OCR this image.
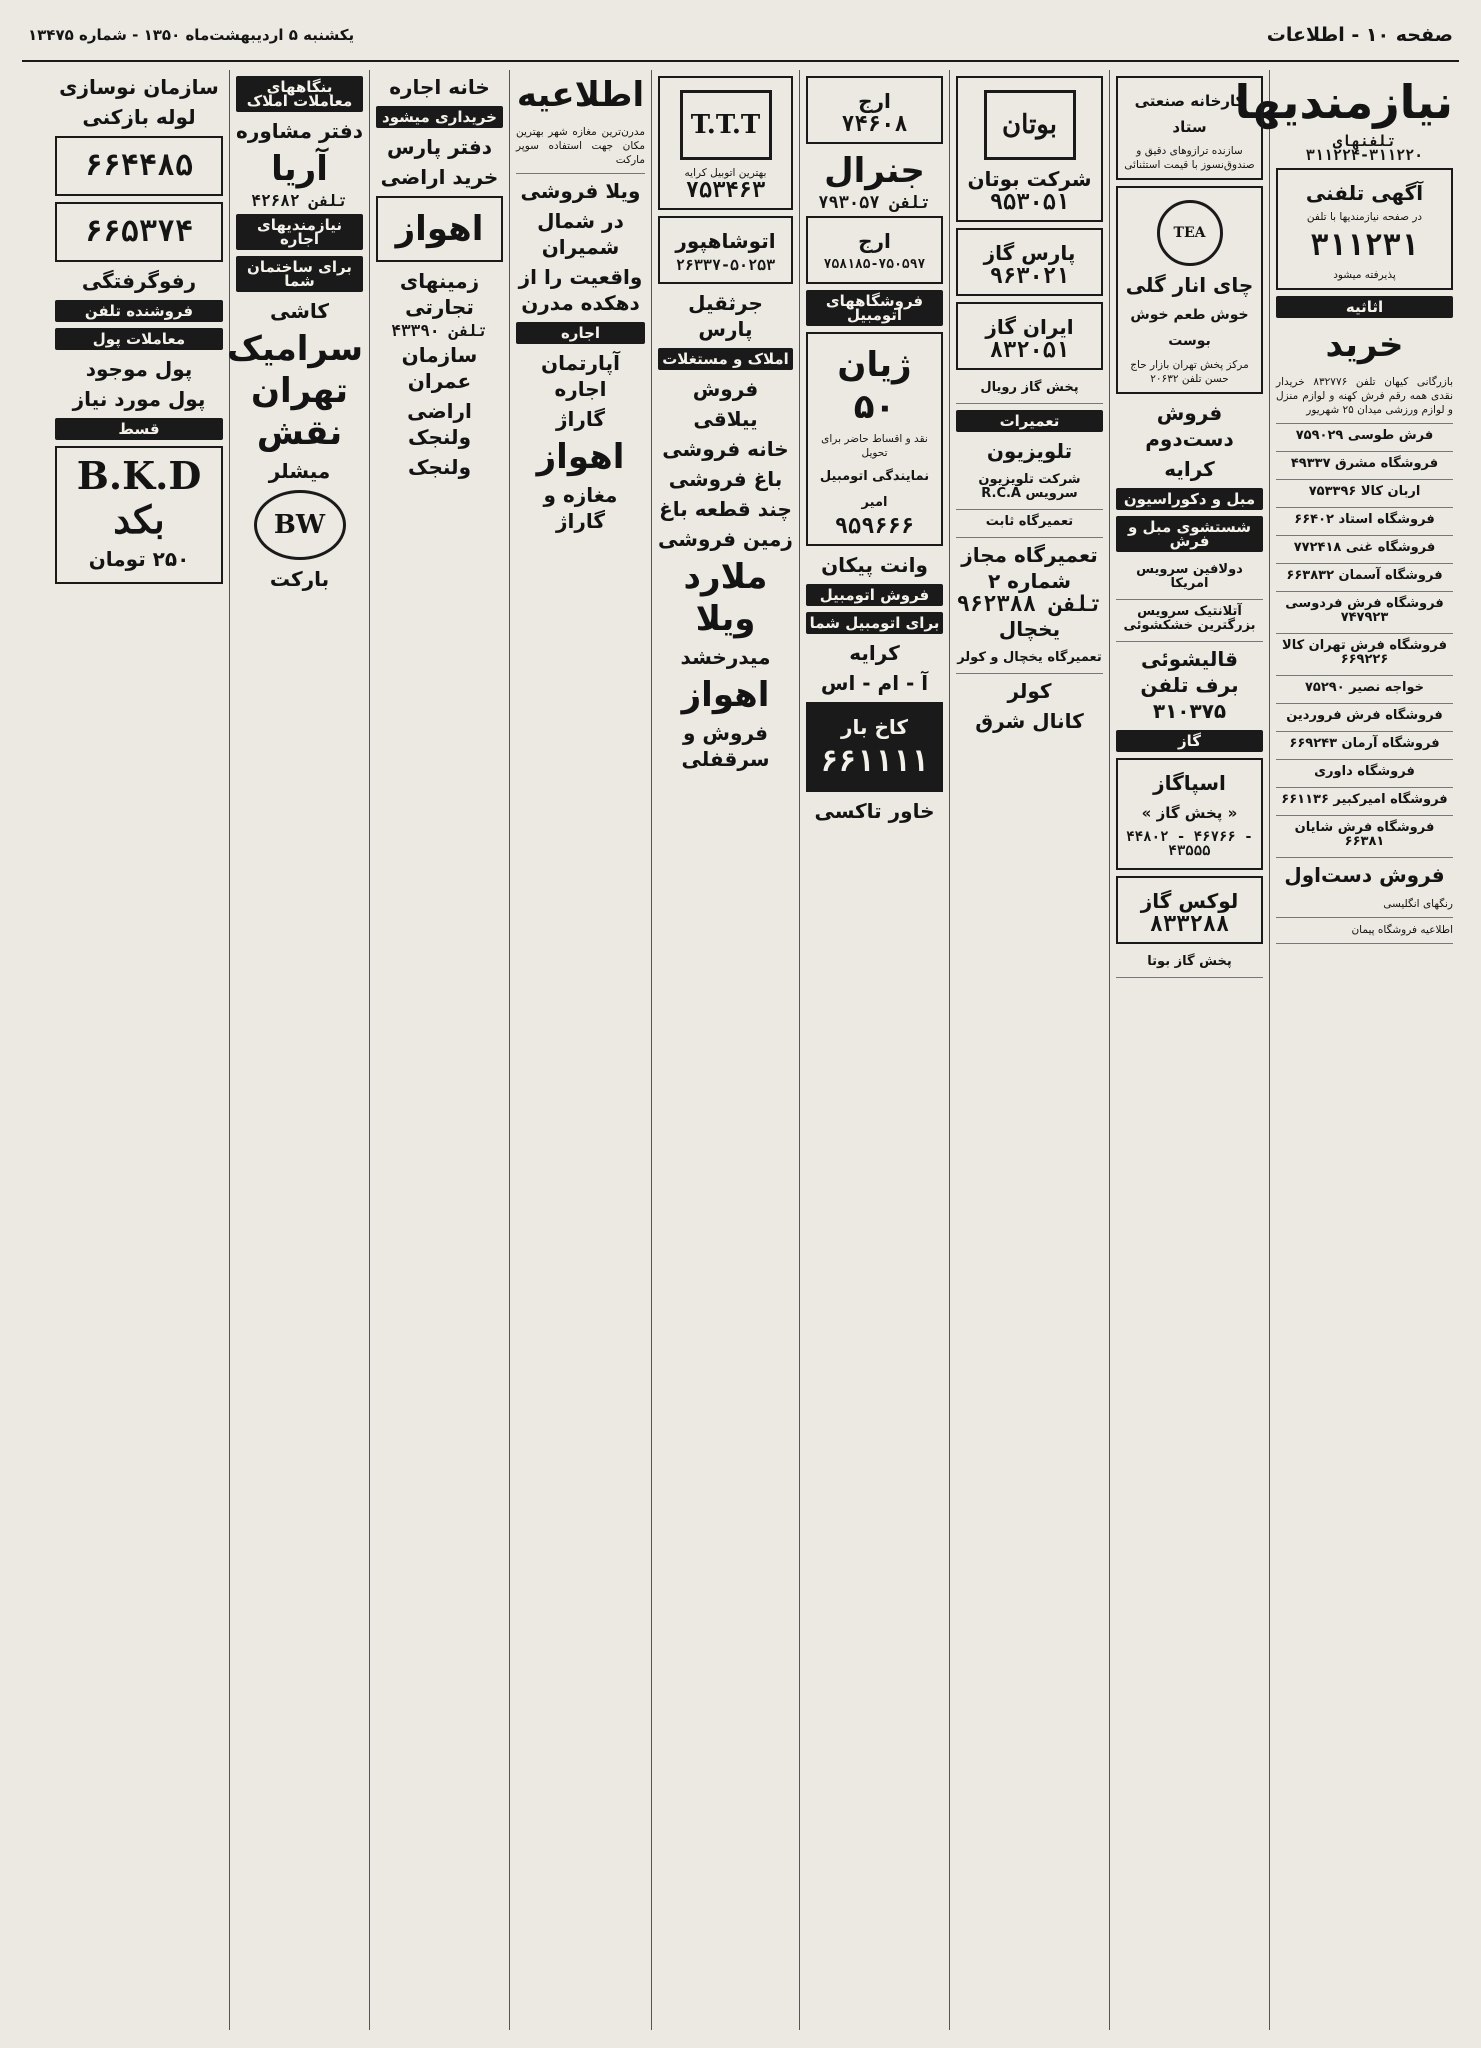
صفحه ۱۰ - اطلاعات
یکشنبه ۵ اردیبهشت‌ماه ۱۳۵۰ - شماره ۱۳۴۷۵
نیازمندیها
تلفنهای ۳۱۱۲۲۰-۳۱۱۲۲۴
آگهی تلفنی
در صفحه نیازمندیها با تلفن
۳۱۱۲۳۱
پذیرفته میشود
اثاثیه
خرید
بازرگانی کیهان تلفن ۸۳۲۷۷۶ خریدار نقدی همه رقم فرش کهنه و لوازم منزل و لوازم ورزشی میدان ۲۵ شهریور
فرش طوسی ۷۵۹۰۲۹
فروشگاه مشرق ۴۹۳۳۷
اربان کالا ۷۵۳۳۹۶
فروشگاه استاد ۶۶۴۰۲
فروشگاه غنی ۷۷۲۴۱۸
فروشگاه آسمان ۶۶۳۸۳۲
فروشگاه فرش فردوسی ۷۴۷۹۲۳
فروشگاه فرش تهران کالا ۶۶۹۲۲۶
خواجه نصیر ۷۵۲۹۰
فروشگاه فرش فروردین
فروشگاه آرمان ۶۶۹۲۴۳
فروشگاه داوری
فروشگاه امیرکبیر ۶۶۱۱۳۶
فروشگاه فرش شایان ۶۶۳۸۱
فروش دست‌اول
رنگهای انگلیسی
اطلاعیه فروشگاه پیمان
کارخانه صنعتی ستاد
سازنده ترازوهای دقیق و صندوق‌نسوز با قیمت استثنائی
TEA
چای انار گلی
خوش طعم خوش بوست
مرکز پخش تهران بازار حاج حسن تلفن ۲۰۶۳۲
فروش دست‌دوم
کرایه
مبل و دکوراسیون
شستشوی مبل و فرش
دولافین سرویس امریکا
آتلانتیک سرویس بزرگترین خشکشوئی
قالیشوئی برف تلفن ۳۱۰۳۷۵
گاز
اسپاگاز
« پخش گاز »
۴۴۸۰۲ - ۴۶۷۶۶ - ۴۳۵۵۵
لوکس گاز
۸۳۳۲۸۸
پخش گاز بوتا
بوتان
شرکت بوتان
۹۵۳۰۵۱
پارس گاز
۹۶۳۰۲۱
ایران گاز
۸۳۲۰۵۱
پخش گاز رویال
تعمیرات
تلویزیون
شرکت تلویزیون سرویس R.C.A
تعمیرگاه ثابت
تعمیرگاه مجاز شماره ۲
تلفن ۹۶۲۳۸۸
یخچال
تعمیرگاه یخچال و کولر
کولر
کانال شرق
ارج
۷۴۶۰۸
جنرال
تلفن ۷۹۳۰۵۷
ارج
۷۵۸۱۸۵-۷۵۰۵۹۷
فروشگاههای اتومبیل
ژیان ۵۰
نقد و اقساط حاضر برای تحویل
نمایندگی اتومبیل امیر
۹۵۹۶۶۶
وانت پیکان
فروش اتومبیل
برای اتومبیل شما
کرایه
آ - ام - اس
کاخ بار
۶۶۱۱۱۱
خاور تاکسی
T.T.T
بهترین اتوبیل کرایه
۷۵۳۴۶۳
اتوشاهپور
۲۶۳۳۷-۵۰۲۵۳
جرثقیل پارس
املاک و مستغلات
فروش
ییلاقی
خانه فروشی
باغ فروشی
چند قطعه باغ
زمین فروشی
ملارد ویلا
میدرخشد
اهواز
فروش و سرقفلی
اطلاعیه
مدرن‌ترین مغازه شهر بهترین مکان جهت استفاده سوپر مارکت
ویلا فروشی
در شمال شمیران
واقعیت را از دهکده مدرن
اجاره
آپارتمان اجاره
گاراژ
اهواز
مغازه و گاراژ
خانه اجاره
خریداری میشود
دفتر پارس
خرید اراضی
اهواز
زمینهای تجارتی
تلفن ۴۳۳۹۰
سازمان عمران
اراضی ولنجک
ولنجک
بنگاههای معاملات املاک
دفتر مشاوره
آریا
تلفن ۴۲۶۸۲
نیازمندیهای اجاره
برای ساختمان شما
کاشی
سرامیک تهران نقش
میشلر
BW
بارکت
سازمان نوسازی
لوله بازکنی
۶۶۴۴۸۵
۶۶۵۳۷۴
رفوگرفتگی
فروشنده تلفن
معاملات پول
پول موجود
پول مورد نیاز
قسط
B.K.D
بکد
۲۵۰ تومان
